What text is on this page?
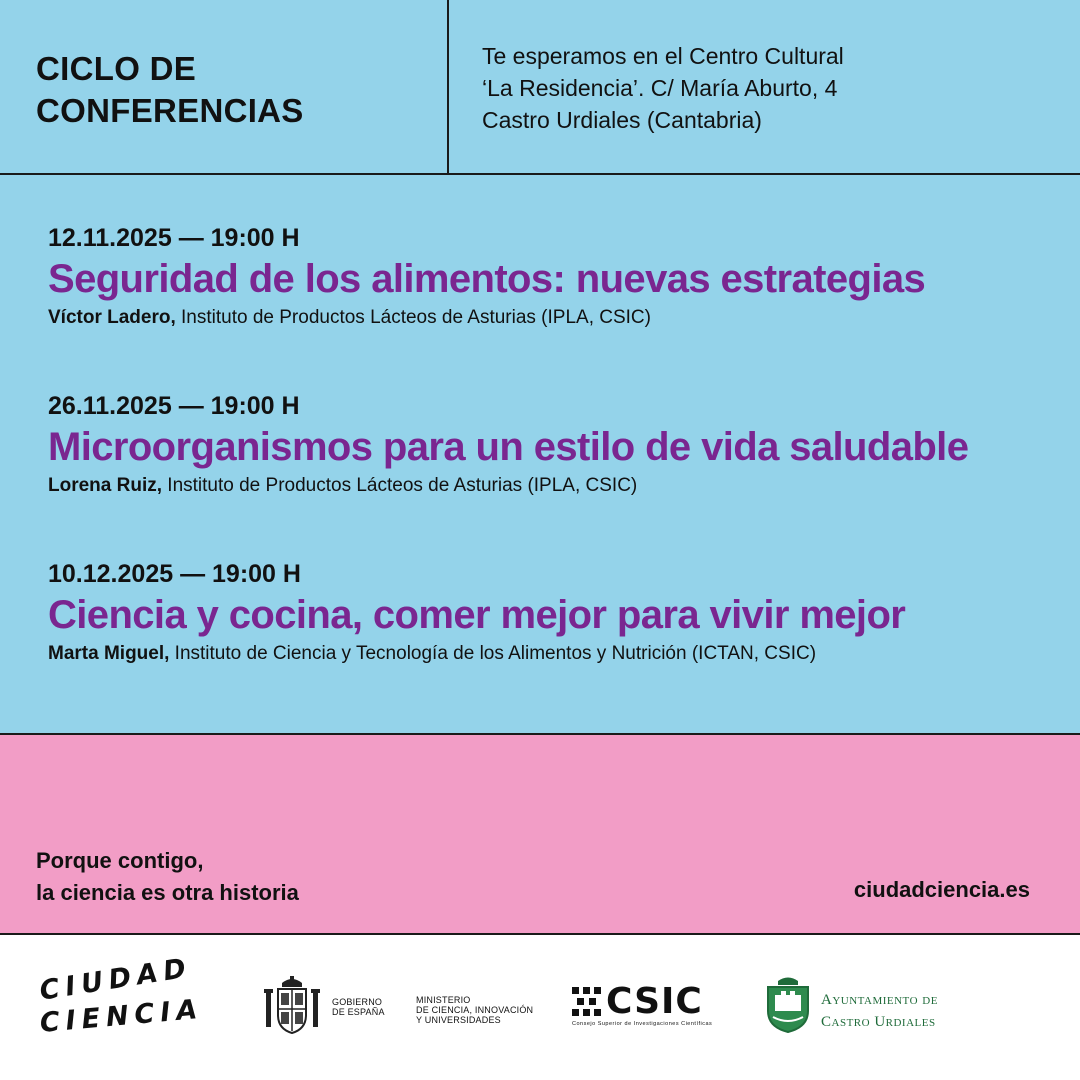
CICLO DE
CONFERENCIAS
Te esperamos en el Centro Cultural
‘La Residencia’. C/ María Aburto, 4
Castro Urdiales (Cantabria)
12.11.2025 — 19:00 H
Seguridad de los alimentos: nuevas estrategias
Víctor Ladero, Instituto de Productos Lácteos de Asturias (IPLA, CSIC)
26.11.2025 — 19:00 H
Microorganismos para un estilo de vida saludable
Lorena Ruiz, Instituto de Productos Lácteos de Asturias (IPLA, CSIC)
10.12.2025 — 19:00 H
Ciencia y cocina, comer mejor para vivir mejor
Marta Miguel, Instituto de Ciencia y Tecnología de los Alimentos y Nutrición (ICTAN, CSIC)
Porque contigo,
la ciencia es otra historia	ciudadciencia.es
CIUDAD
CIENCIA	GOBIERNO
DE ESPAÑA
MINISTERIO
DE CIENCIA, INNOVACIÓN
Y UNIVERSIDADES	CSIC
Consejo Superior de Investigaciones Científicas
Ayuntamiento de
Castro Urdiales
